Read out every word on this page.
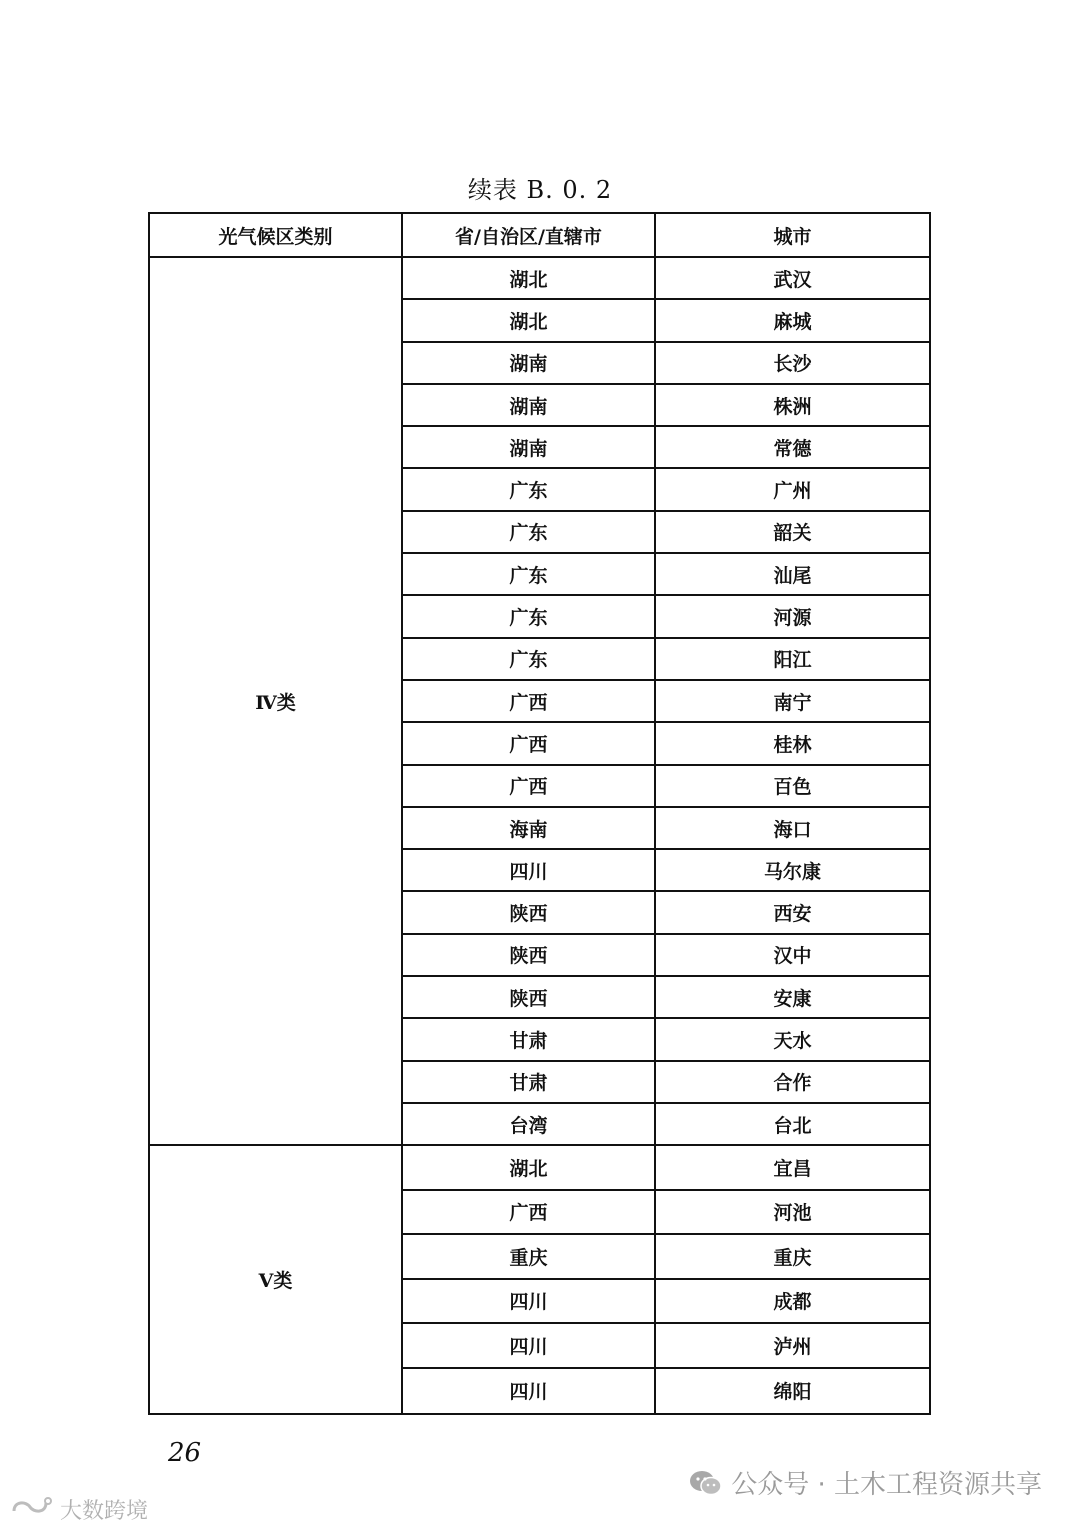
续表 B. 0. 2
光气候区类别	省/自治区/直辖市	城市
Ⅳ类	湖北	武汉
	湖北	麻城
	湖南	长沙
	湖南	株洲
	湖南	常德
	广东	广州
	广东	韶关
	广东	汕尾
	广东	河源
	广东	阳江
	广西	南宁
	广西	桂林
	广西	百色
	海南	海口
	四川	马尔康
	陕西	西安
	陕西	汉中
	陕西	安康
	甘肃	天水
	甘肃	合作
	台湾	台北
Ⅴ类	湖北	宜昌
	广西	河池
	重庆	重庆
	四川	成都
	四川	泸州
	四川	绵阳
26
公众号 · 土木工程资源共享
大数跨境
